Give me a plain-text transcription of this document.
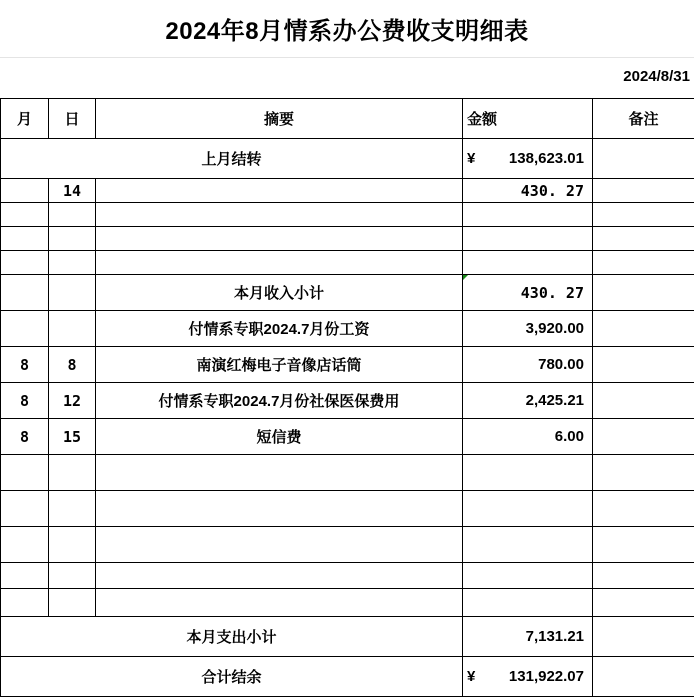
2024年8月情系办公费收支明细表
2024/8/31
月	日	摘要	金额	备注
上月结转			¥ 138,623.01	
	14		430. 27	

		本月收入小计	430. 27	
		付情系专职2024.7月份工资	3,920.00	
8	8	南演红梅电子音像店话筒	780.00	
8	12	付情系专职2024.7月份社保医保费用	2,425.21	
8	15	短信费	6.00	

本月支出小计			7,131.21	
合计结余			¥ 131,922.07	
